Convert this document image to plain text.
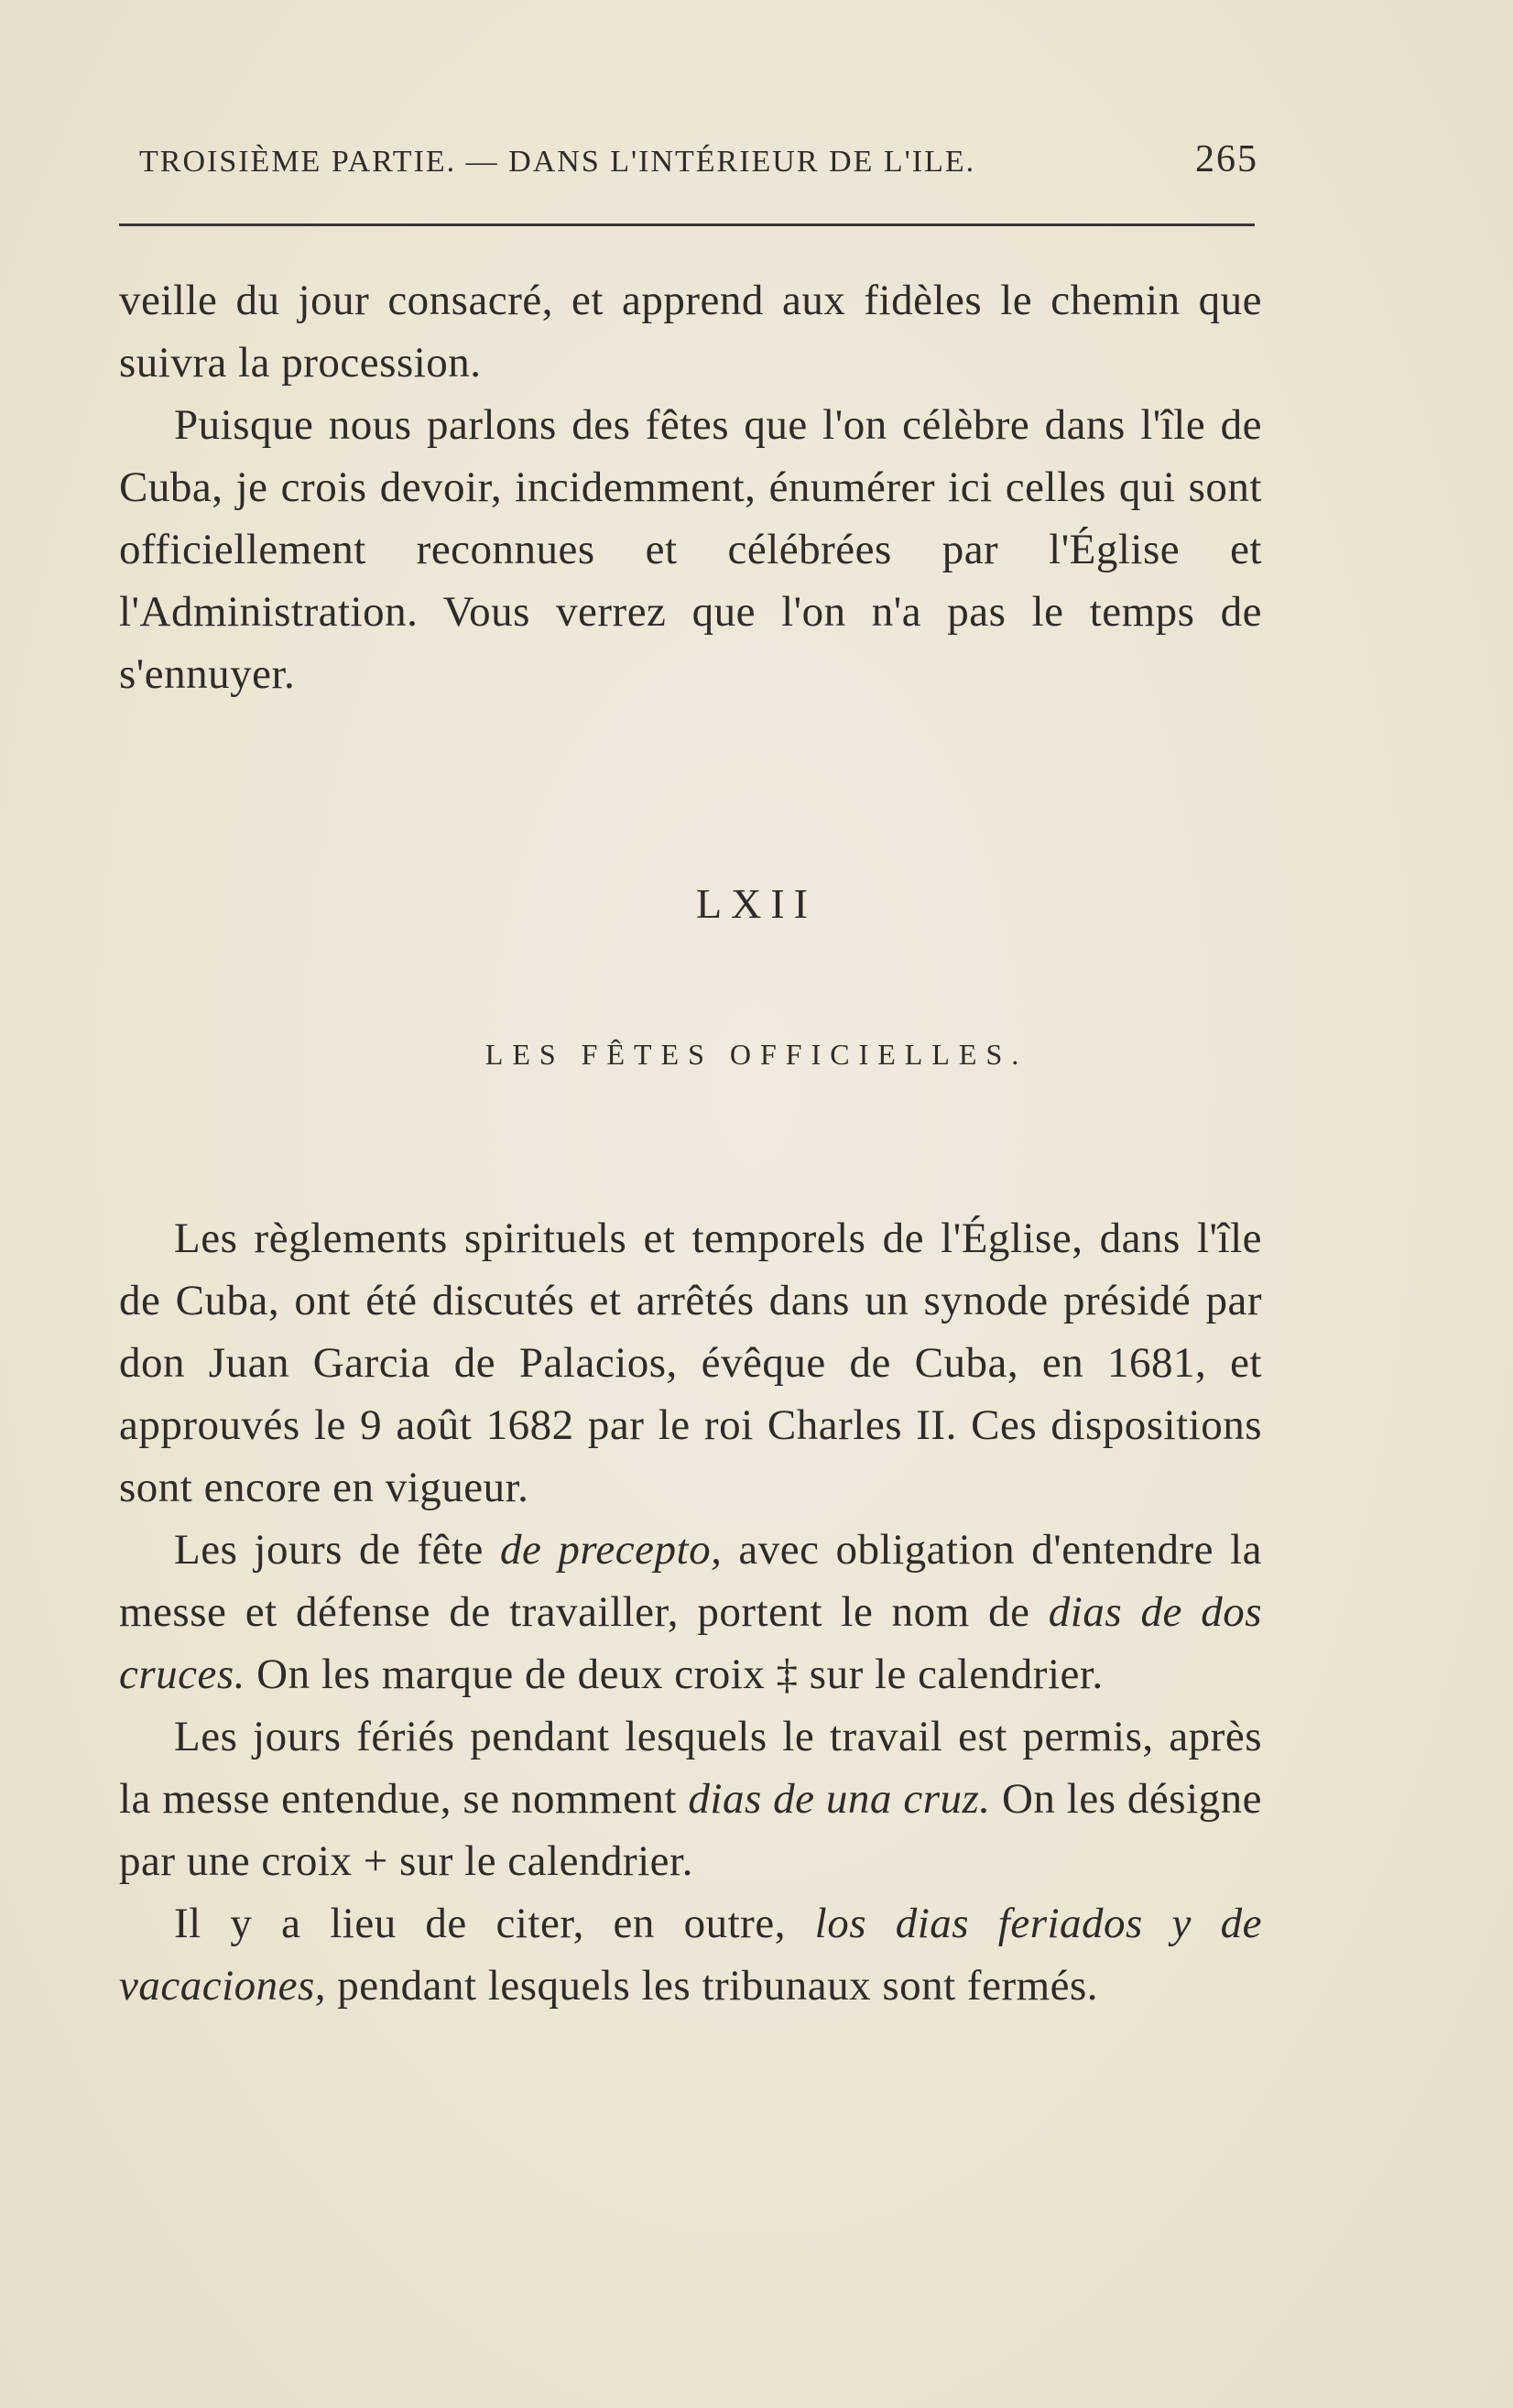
TROISIÈME PARTIE. — DANS L'INTÉRIEUR DE L'ILE.	265

veille du jour consacré, et apprend aux fidèles le chemin que suivra la procession.

Puisque nous parlons des fêtes que l'on célèbre dans l'île de Cuba, je crois devoir, incidemment, énumérer ici celles qui sont officiellement reconnues et célébrées par l'Église et l'Administration. Vous verrez que l'on n'a pas le temps de s'ennuyer.

LXII
LES FÊTES OFFICIELLES.

Les règlements spirituels et temporels de l'Église, dans l'île de Cuba, ont été discutés et arrêtés dans un synode présidé par don Juan Garcia de Palacios, évêque de Cuba, en 1681, et approuvés le 9 août 1682 par le roi Charles II. Ces dispositions sont encore en vigueur.

Les jours de fête de precepto, avec obligation d'entendre la messe et défense de travailler, portent le nom de dias de dos cruces. On les marque de deux croix ‡ sur le calendrier.

Les jours fériés pendant lesquels le travail est permis, après la messe entendue, se nomment dias de una cruz. On les désigne par une croix + sur le calendrier.

Il y a lieu de citer, en outre, los dias feriados y de vacaciones, pendant lesquels les tribunaux sont fermés.
